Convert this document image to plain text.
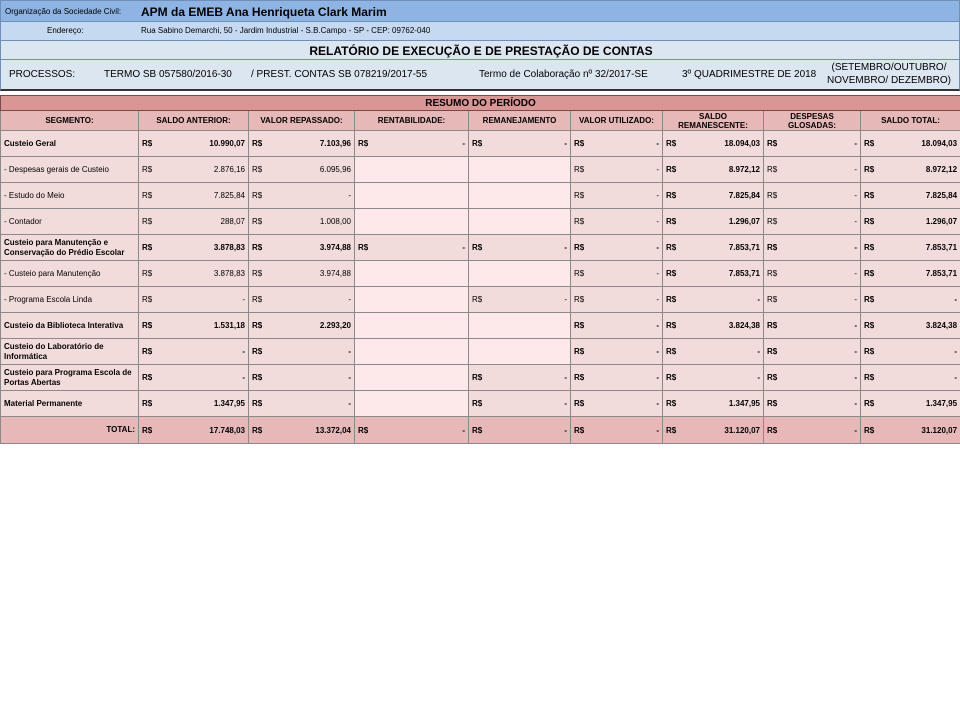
Organização da Sociedade Civil: APM da EMEB Ana Henriqueta Clark Marim
Endereço:	Rua Sabino Demarchi, 50 - Jardim Industrial - S.B.Campo - SP - CEP: 09762-040
RELATÓRIO DE EXECUÇÃO E DE PRESTAÇÃO DE CONTAS
PROCESSOS:	TERMO SB 057580/2016-30 / PREST. CONTAS SB 078219/2017-55	Termo de Colaboração nº 32/2017-SE	3º QUADRIMESTRE DE 2018
(SETEMBRO/OUTUBRO/
NOVEMBRO/ DEZEMBRO)
RESUMO DO PERÍODO								
SEGMENTO:	SALDO ANTERIOR:	VALOR REPASSADO:	RENTABILIDADE:	REMANEJAMENTO	VALOR UTILIZADO:	SALDO REMANESCENTE:	DESPESAS GLOSADAS:	SALDO TOTAL:
Custeio Geral	R$ 10.990,07	R$ 7.103,96	R$ -	R$ -	R$ -	R$ 18.094,03	R$ -	R$ 18.094,03

- Despesas gerais de Custeio	R$ 2.876,16	R$ 6.095,96			R$ -	R$ 8.972,12	R$ -	R$ 8.972,12

- Estudo do Meio	R$ 7.825,84	R$ -			R$ -	R$ 7.825,84	R$ -	R$ 7.825,84

- Contador	R$ 288,07	R$ 1.008,00			R$ -	R$ 1.296,07	R$ -	R$ 1.296,07

Custeio para Manutenção e Conservação do Prédio Escolar	R$ 3.878,83	R$ 3.974,88	R$ -	R$ -	R$ -	R$ 7.853,71	R$ -	R$ 7.853,71

- Custeio para Manutenção	R$ 3.878,83	R$ 3.974,88			R$ -	R$ 7.853,71	R$ -	R$ 7.853,71

- Programa Escola Linda	R$ -	R$ -		R$ -	R$ -	R$ -	R$ -	R$ -

Custeio da Biblioteca Interativa	R$ 1.531,18	R$ 2.293,20			R$ -	R$ 3.824,38	R$ -	R$ 3.824,38

Custeio do Laboratório de Informática	R$ -	R$ -			R$ -	R$ -	R$ -	R$ -

Custeio para Programa Escola de Portas Abertas	R$ -	R$ -		R$ -	R$ -	R$ -	R$ -	R$ -

Material Permanente	R$ 1.347,95	R$ -		R$ -	R$ -	R$ 1.347,95	R$ -	R$ 1.347,95

TOTAL:	R$ 17.748,03	R$ 13.372,04	R$ -	R$ -	R$ -	R$ 31.120,07	R$ -	R$ 31.120,07
